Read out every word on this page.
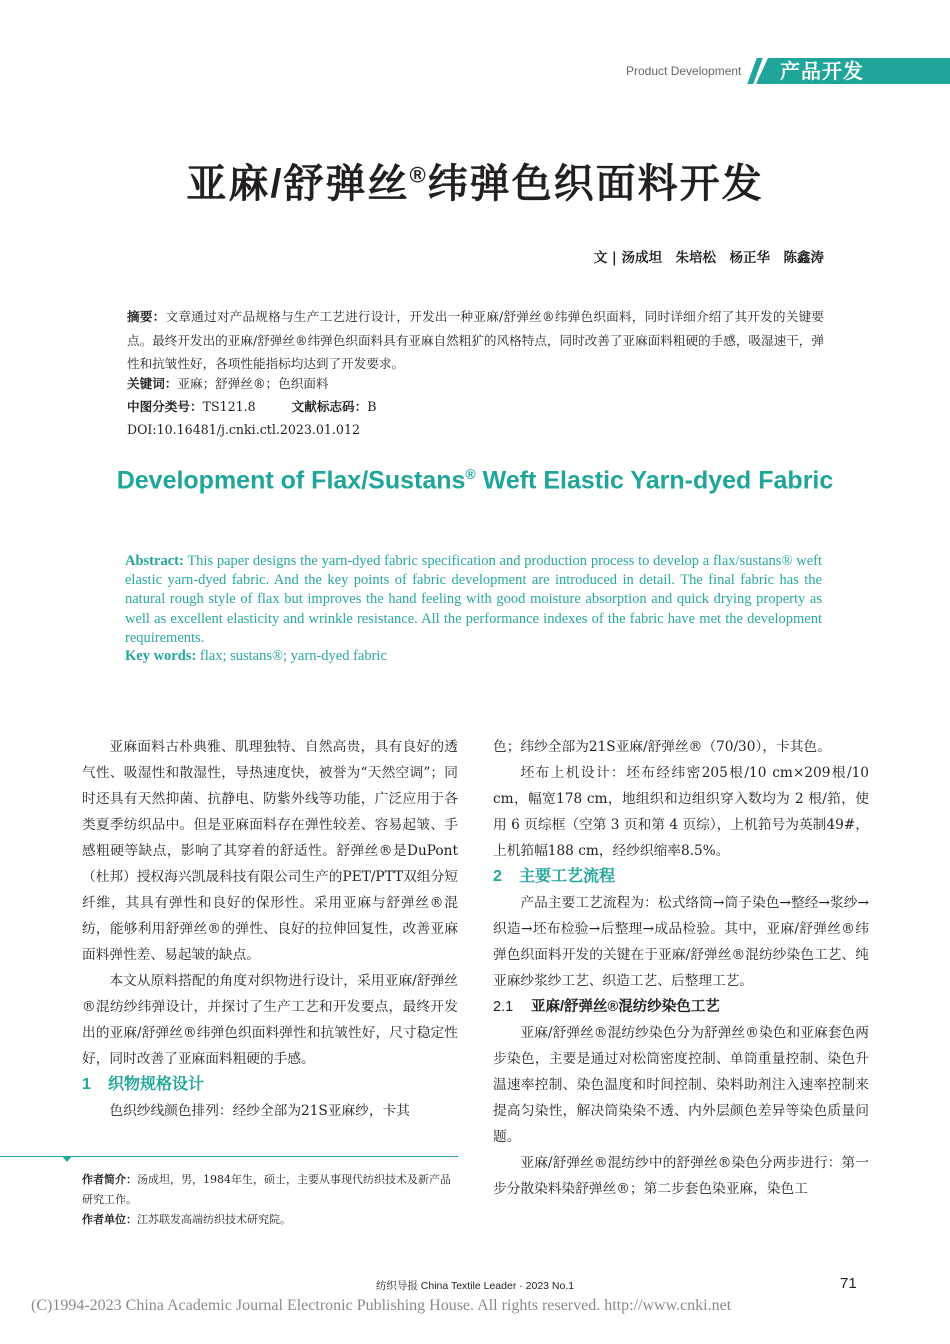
Product Development 产品开发
亚麻/舒弹丝®纬弹色织面料开发
文 | 汤成坦　朱培松　杨正华　陈鑫涛
摘要：文章通过对产品规格与生产工艺进行设计，开发出一种亚麻/舒弹丝®纬弹色织面料，同时详细介绍了其开发的关键要点。最终开发出的亚麻/舒弹丝®纬弹色织面料具有亚麻自然粗犷的风格特点，同时改善了亚麻面料粗硬的手感，吸湿速干，弹性和抗皱性好，各项性能指标均达到了开发要求。
关键词：亚麻；舒弹丝®；色织面料
中图分类号：TS121.8	文献标志码：B
DOI:10.16481/j.cnki.ctl.2023.01.012
Development of Flax/Sustans® Weft Elastic Yarn-dyed Fabric
Abstract: This paper designs the yarn-dyed fabric specification and production process to develop a flax/sustans® weft elastic yarn-dyed fabric. And the key points of fabric development are introduced in detail. The final fabric has the natural rough style of flax but improves the hand feeling with good moisture absorption and quick drying property as well as excellent elasticity and wrinkle resistance. All the performance indexes of the fabric have met the development requirements.
Key words: flax; sustans®; yarn-dyed fabric

亚麻面料古朴典雅、肌理独特、自然高贵，具有良好的透气性、吸湿性和散湿性，导热速度快，被誉为“天然空调”；同时还具有天然抑菌、抗静电、防紫外线等功能，广泛应用于各类夏季纺织品中。但是亚麻面料存在弹性较差、容易起皱、手感粗硬等缺点，影响了其穿着的舒适性。舒弹丝®是DuPont（杜邦）授权海兴凯晟科技有限公司生产的PET/PTT双组分短纤维，其具有弹性和良好的保形性。采用亚麻与舒弹丝®混纺，能够利用舒弹丝®的弹性、良好的拉伸回复性，改善亚麻面料弹性差、易起皱的缺点。

本文从原料搭配的角度对织物进行设计，采用亚麻/舒弹丝®混纺纱纬弹设计，并探讨了生产工艺和开发要点，最终开发出的亚麻/舒弹丝®纬弹色织面料弹性和抗皱性好，尺寸稳定性好，同时改善了亚麻面料粗硬的手感。

1 织物规格设计

色织纱线颜色排列：经纱全部为21S亚麻纱，卡其

色；纬纱全部为21S亚麻/舒弹丝®（70/30），卡其色。

坯布上机设计：坯布经纬密205根/10 cm×209根/10 cm，幅宽178 cm，地组织和边组织穿入数均为 2 根/筘，使用 6 页综框（空第 3 页和第 4 页综），上机筘号为英制49#，上机筘幅188 cm，经纱织缩率8.5%。

2 主要工艺流程

产品主要工艺流程为：松式络筒→筒子染色→整经→浆纱→织造→坯布检验→后整理→成品检验。其中，亚麻/舒弹丝®纬弹色织面料开发的关键在于亚麻/舒弹丝®混纺纱染色工艺、纯亚麻纱浆纱工艺、织造工艺、后整理工艺。

2.1 亚麻/舒弹丝®混纺纱染色工艺

亚麻/舒弹丝®混纺纱染色分为舒弹丝®染色和亚麻套色两步染色，主要是通过对松筒密度控制、单筒重量控制、染色升温速率控制、染色温度和时间控制、染料助剂注入速率控制来提高匀染性，解决筒染染不透、内外层颜色差异等染色质量问题。

亚麻/舒弹丝®混纺纱中的舒弹丝®染色分两步进行：第一步分散染料染舒弹丝®；第二步套色染亚麻，染色工

作者简介：汤成坦，男，1984年生，硕士，主要从事现代纺织技术及新产品研究工作。
作者单位：江苏联发高端纺织技术研究院。
纺织导报 China Textile Leader · 2023 No.1	71
(C)1994-2023 China Academic Journal Electronic Publishing House. All rights reserved. http://www.cnki.net
